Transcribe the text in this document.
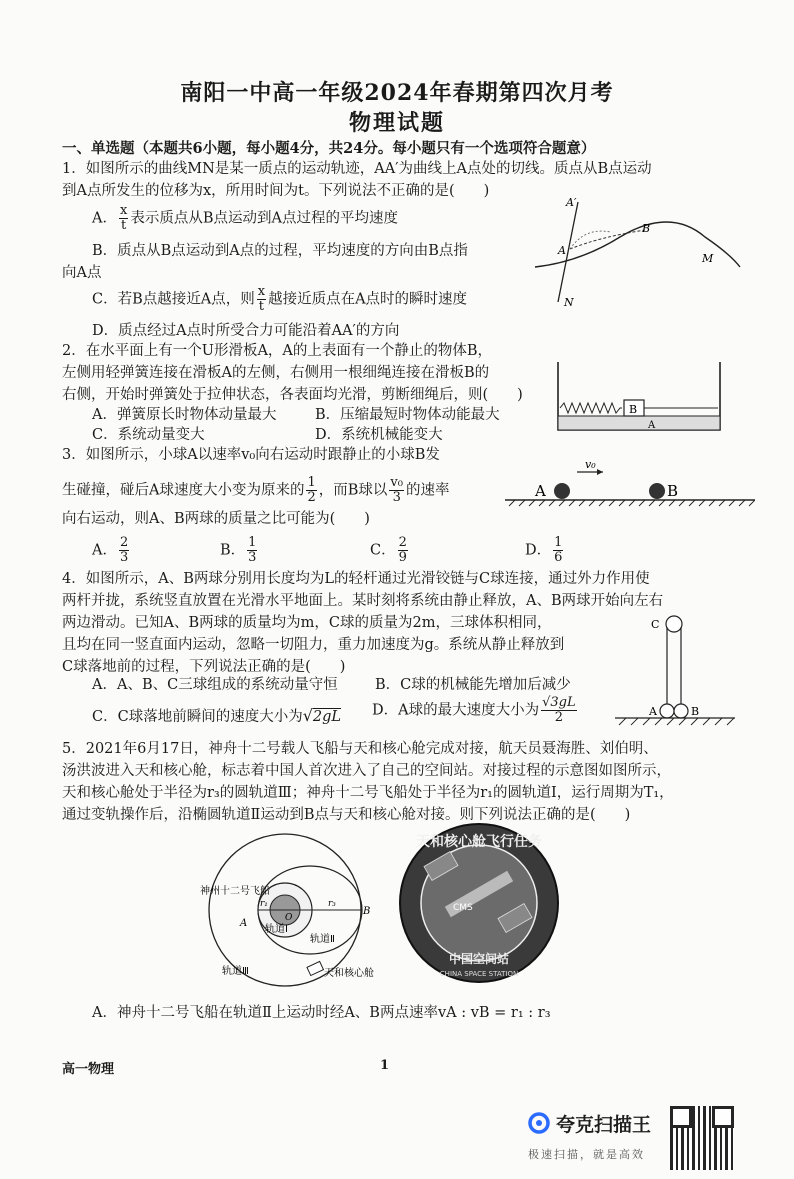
南阳一中高一年级2024年春期第四次月考
物理试题
一、单选题（本题共6小题，每小题4分，共24分。每小题只有一个选项符合题意）
1．如图所示的曲线MN是某一质点的运动轨迹，AA′为曲线上A点处的切线。质点从B点运动
到A点所发生的位移为x，所用时间为t。下列说法不正确的是(　　)
A． $\frac{x}{t}$ 表示质点从B点运动到A点过程的平均速度
B．质点从B点运动到A点的过程，平均速度的方向由B点指
向A点
C．若B点越接近A点，则 $\frac{x}{t}$ 越接近质点在A点时的瞬时速度
D．质点经过A点时所受合力可能沿着AA′的方向
A′
A
B
M
N
2．在水平面上有一个U形滑板A，A的上表面有一个静止的物体B，
左侧用轻弹簧连接在滑板A的左侧，右侧用一根细绳连接在滑板B的
右侧，开始时弹簧处于拉伸状态，各表面均光滑，剪断细绳后，则(　　)
A．弹簧原长时物体动量最大	B．压缩最短时物体动能最大
C．系统动量变大	D．系统机械能变大
B
A
3．如图所示，小球A以速率v₀向右运动时跟静止的小球B发
生碰撞，碰后A球速度大小变为原来的 $\frac{1}{2}$ ，而B球以 $\frac{\text{v₀}}{3}$ 的速率
向右运动，则A、B两球的质量之比可能为(　　)
A． $\frac{2}{3}$	B． $\frac{1}{3}$	C． $\frac{2}{9}$	D． $\frac{1}{6}$
A
v₀
B
4．如图所示，A、B两球分别用长度均为L的轻杆通过光滑铰链与C球连接，通过外力作用使
两杆并拢，系统竖直放置在光滑水平地面上。某时刻将系统由静止释放，A、B两球开始向左右
两边滑动。已知A、B两球的质量均为m，C球的质量为2m，三球体积相同，
且均在同一竖直面内运动，忽略一切阻力，重力加速度为g。系统从静止释放到
C球落地前的过程，下列说法正确的是(　　)
A．A、B、C三球组成的系统动量守恒	B．C球的机械能先增加后减少
C．C球落地前瞬间的速度大小为√2gL D．A球的最大速度大小为 $\frac{√3gL}{2}$
C
A	B
5．2021年6月17日，神舟十二号载人飞船与天和核心舱完成对接，航天员聂海胜、刘伯明、
汤洪波进入天和核心舱，标志着中国人首次进入了自己的空间站。对接过程的示意图如图所示，
天和核心舱处于半径为r₃的圆轨道Ⅲ；神舟十二号飞船处于半径为r₁的圆轨道Ⅰ，运行周期为T₁，
通过变轨操作后，沿椭圆轨道Ⅱ运动到B点与天和核心舱对接。则下列说法正确的是(　　)
神州十二号飞船
r₁
O
r₃
A
B
轨道Ⅰ
轨道Ⅱ
轨道Ⅲ	天和核心舱
天和核心舱飞行任务
CMS
中国空间站
CHINA SPACE STATION
A．神舟十二号飞船在轨道Ⅱ上运动时经A、B两点速率vA : vB = r₁ : r₃
高一物理	1
夸克扫描王
极速扫描，就是高效
